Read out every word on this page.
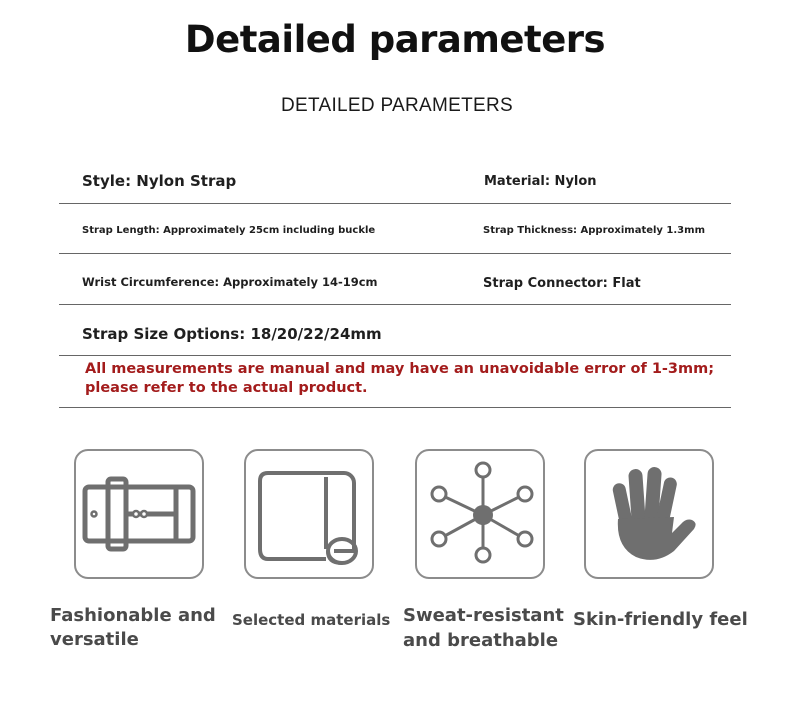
Detailed parameters
DETAILED PARAMETERS
Style: Nylon Strap	Material: Nylon
Strap Length: Approximately 25cm including buckle	Strap Thickness: Approximately 1.3mm
Wrist Circumference: Approximately 14-19cm	Strap Connector: Flat
Strap Size Options: 18/20/22/24mm
All measurements are manual and may have an unavoidable error of 1-3mm;
please refer to the actual product.
Fashionable and
versatile
Selected materials Sweat-resistant
and breathable
Skin-friendly feel
